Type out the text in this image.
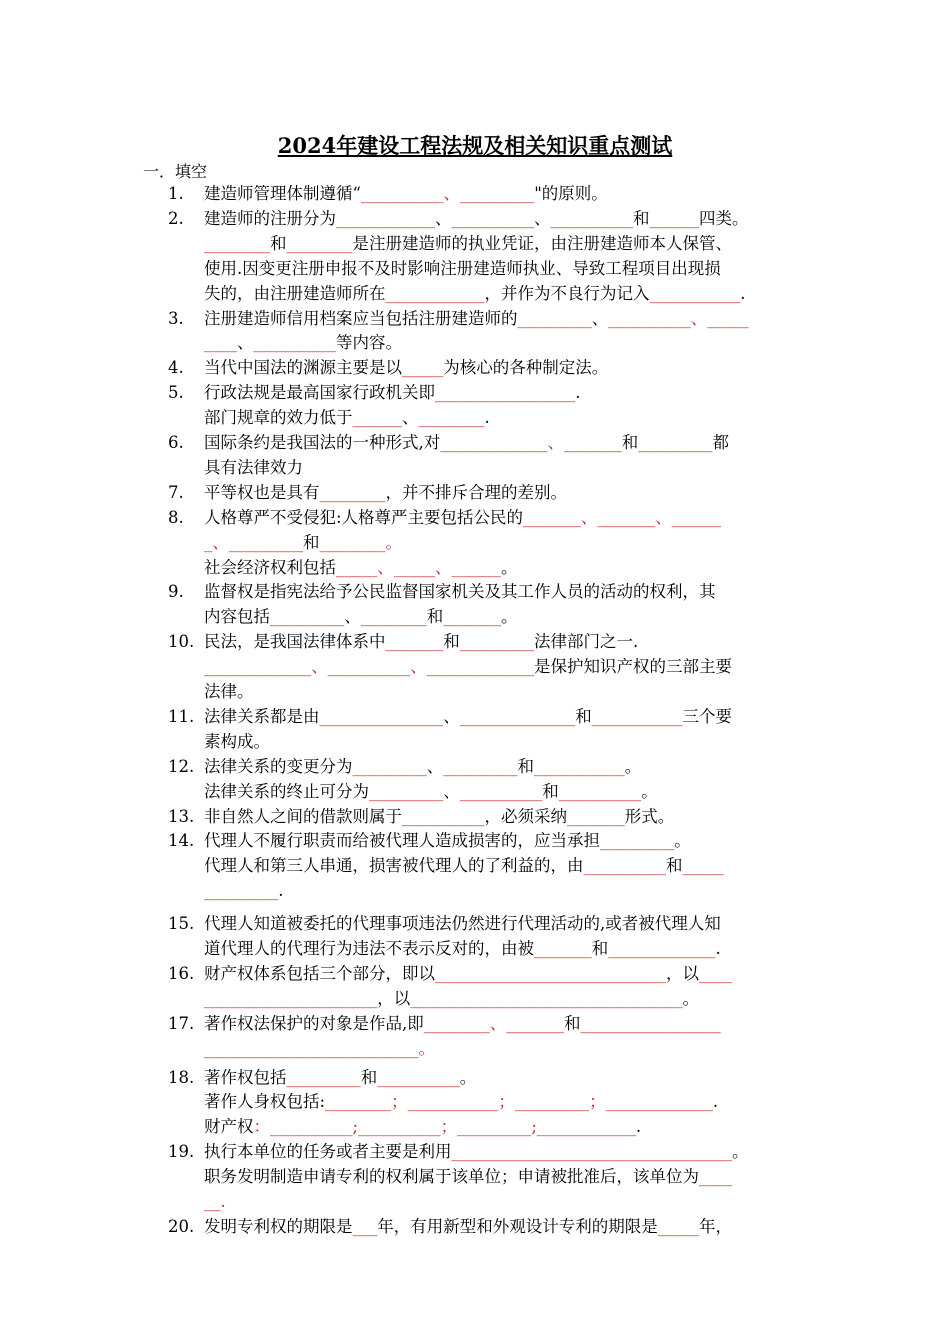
2024年建设工程法规及相关知识重点测试
一．填空
1. 建造师管理体制遵循“__________、_________"的原则。
2. 建造师的注册分为____________、__________、__________和______四类。
________和________是注册建造师的执业凭证，由注册建造师本人保管、
使用.因变更注册申报不及时影响注册建造师执业、导致工程项目出现损
失的，由注册建造师所在____________，并作为不良行为记入___________.
3. 注册建造师信用档案应当包括注册建造师的_________、__________、_____
____、__________等内容。
4. 当代中国法的渊源主要是以_____为核心的各种制定法。
5. 行政法规是最高国家行政机关即_________________.
部门规章的效力低于______、________.
6. 国际条约是我国法的一种形式,对_____________、_______和_________都
具有法律效力
7. 平等权也是具有________，并不排斥合理的差别。
8. 人格尊严不受侵犯:人格尊严主要包括公民的_______、_______、______
_、_________和________。
社会经济权利包括_____、_____、______。
9. 监督权是指宪法给予公民监督国家机关及其工作人员的活动的权利，其
内容包括_________、________和_______。
10. 民法，是我国法律体系中_______和_________法律部门之一.
_____________、__________、_____________是保护知识产权的三部主要
法律。
11. 法律关系都是由_______________、______________和___________三个要
素构成。
12. 法律关系的变更分为_________、_________和___________。
法律关系的终止可分为_________、__________和__________。
13. 非自然人之间的借款则属于__________，必须采纳_______形式。
14. 代理人不履行职责而给被代理人造成损害的，应当承担_________。
代理人和第三人串通，损害被代理人的了利益的，由__________和_____
_________.
15. 代理人知道被委托的代理事项违法仍然进行代理活动的,或者被代理人知
道代理人的代理行为违法不表示反对的，由被_______和_____________.
16. 财产权体系包括三个部分，即以____________________________，以____
_____________________，以_________________________________。
17. 著作权法保护的对象是作品,即________、_______和_________________
__________________________。
18. 著作权包括_________和__________。
著作人身权包括:________；___________；_________；_____________.
财产权：__________;__________；_________;____________.
19. 执行本单位的任务或者主要是利用__________________________________。
职务发明制造申请专利的权利属于该单位；申请被批准后，该单位为____
__.
20. 发明专利权的期限是___年，有用新型和外观设计专利的期限是_____年，
